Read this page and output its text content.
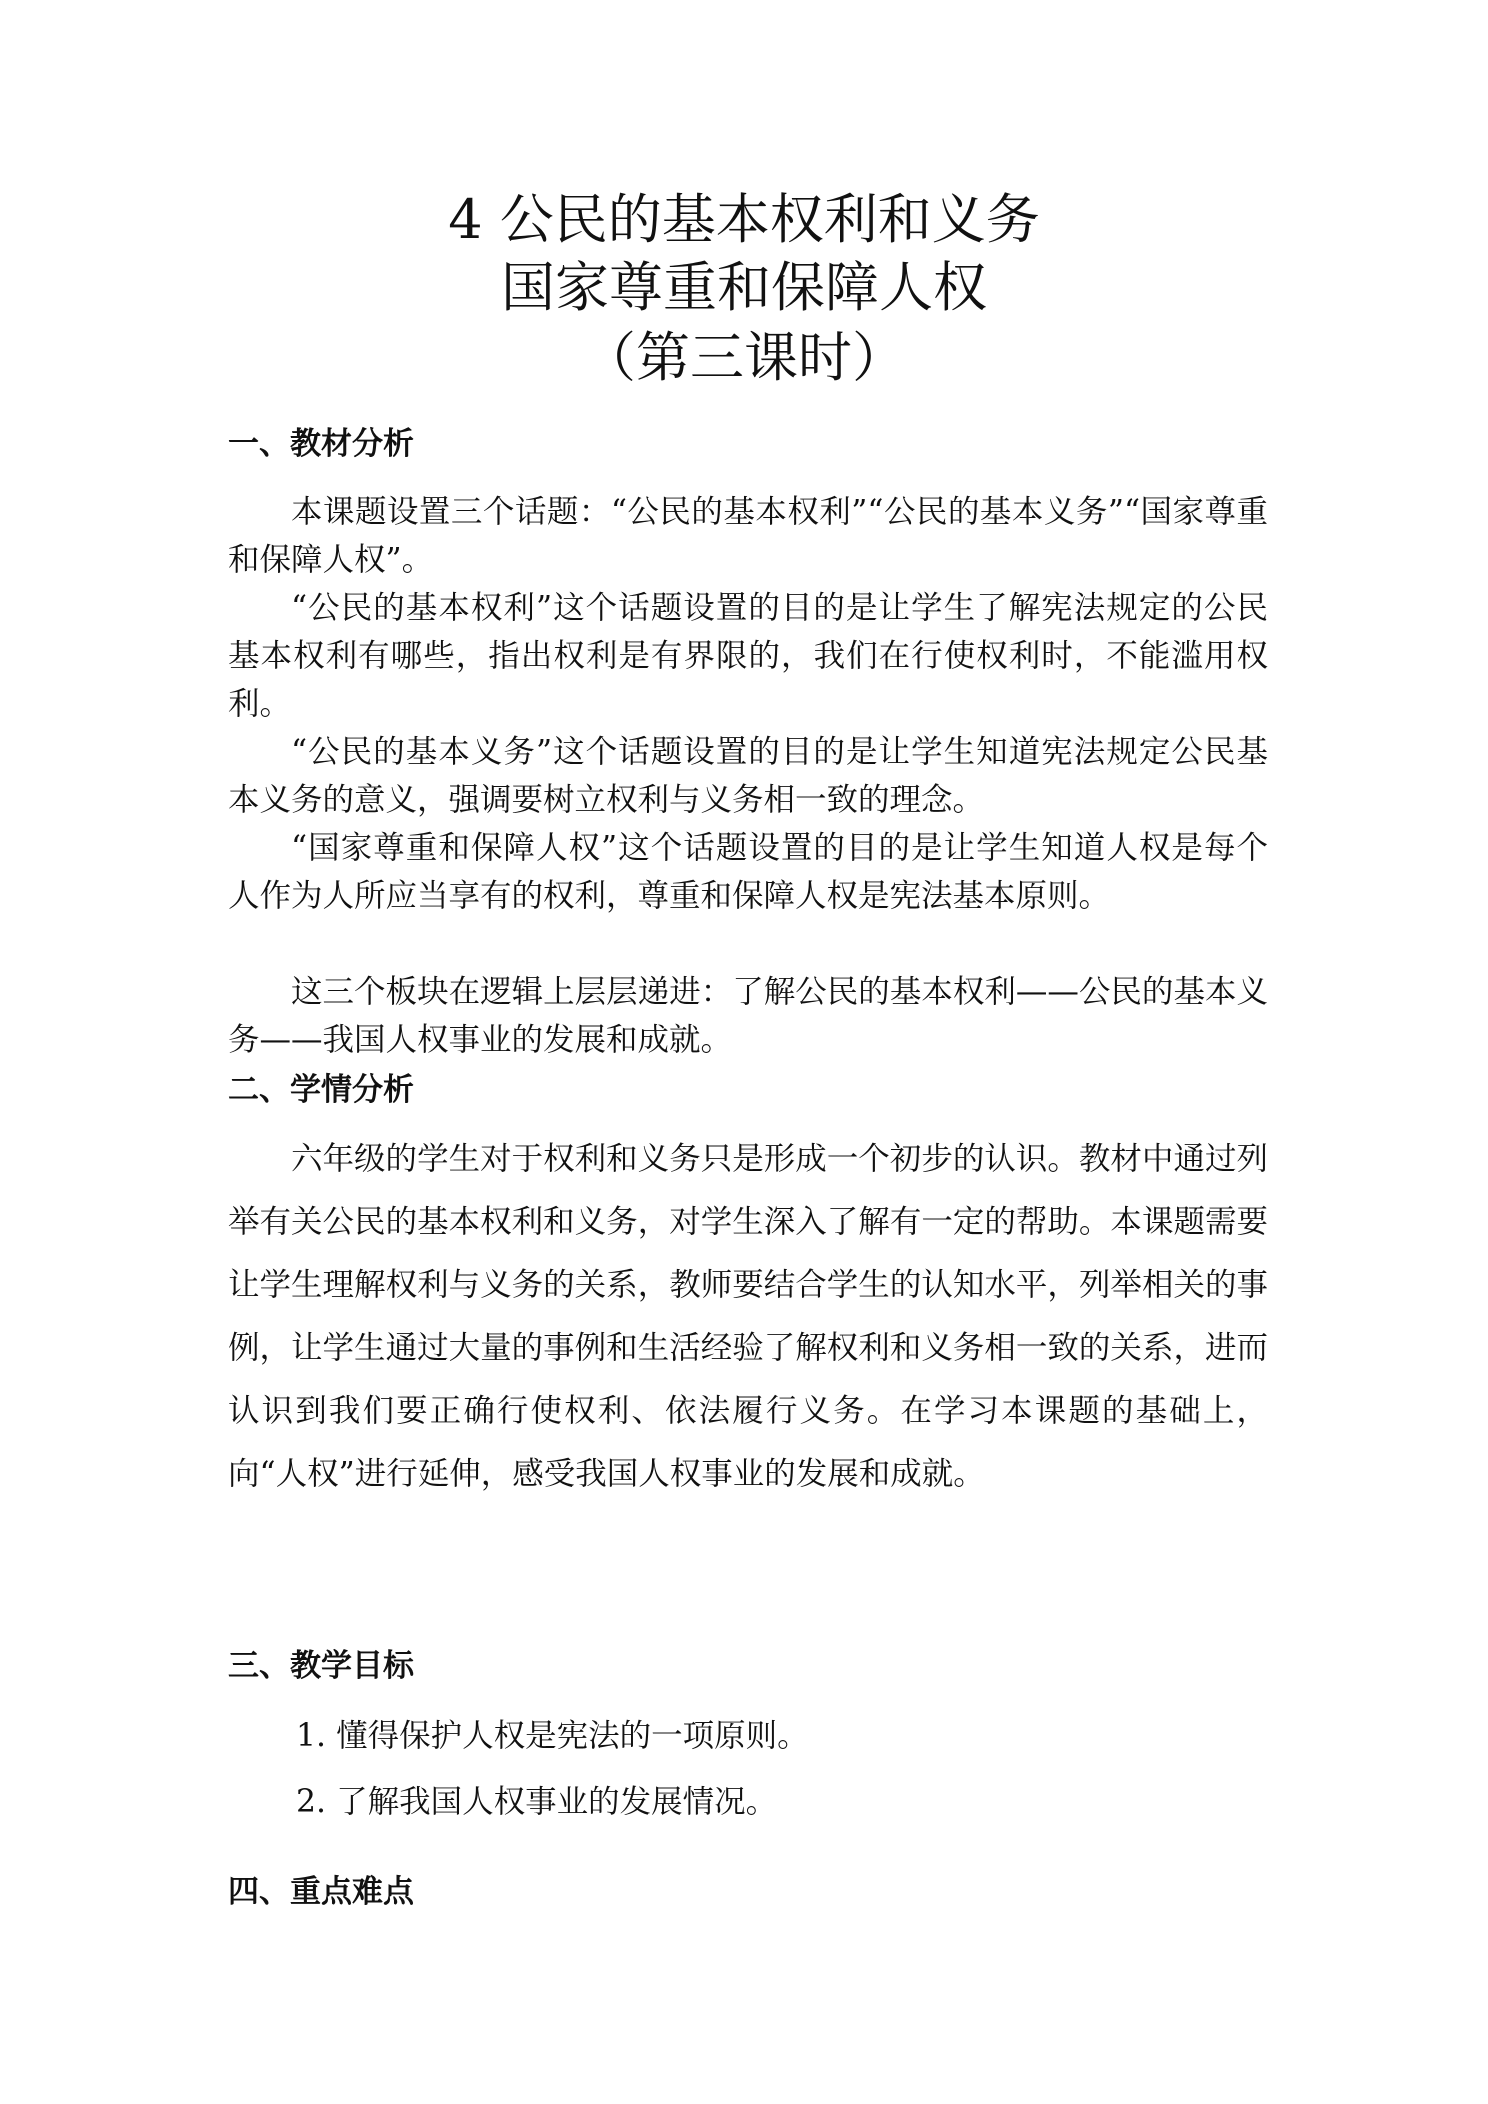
4 公民的基本权利和义务
国家尊重和保障人权
（第三课时）
一、教材分析
本课题设置三个话题：“公民的基本权利”“公民的基本义务”“国家尊重和保障人权”。
“公民的基本权利”这个话题设置的目的是让学生了解宪法规定的公民基本权利有哪些，指出权利是有界限的，我们在行使权利时，不能滥用权利。
“公民的基本义务”这个话题设置的目的是让学生知道宪法规定公民基本义务的意义，强调要树立权利与义务相一致的理念。
“国家尊重和保障人权”这个话题设置的目的是让学生知道人权是每个人作为人所应当享有的权利，尊重和保障人权是宪法基本原则。
这三个板块在逻辑上层层递进：了解公民的基本权利——公民的基本义务——我国人权事业的发展和成就。
二、学情分析
六年级的学生对于权利和义务只是形成一个初步的认识。教材中通过列举有关公民的基本权利和义务，对学生深入了解有一定的帮助。本课题需要让学生理解权利与义务的关系，教师要结合学生的认知水平，列举相关的事例，让学生通过大量的事例和生活经验了解权利和义务相一致的关系，进而认识到我们要正确行使权利、依法履行义务。在学习本课题的基础上，向“人权”进行延伸，感受我国人权事业的发展和成就。
三、教学目标
1. 懂得保护人权是宪法的一项原则。
2. 了解我国人权事业的发展情况。
四、重点难点
